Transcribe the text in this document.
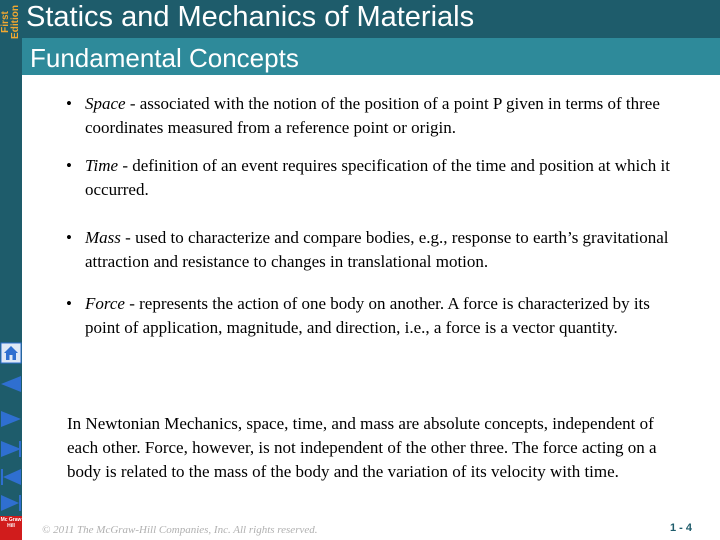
First Edition Statics and Mechanics of Materials
Fundamental Concepts
Mc Graw Hill
• Space - associated with the notion of the position of a point P given in terms of three coordinates measured from a reference point or origin.
• Time - definition of an event requires specification of the time and position at which it occurred.
• Mass - used to characterize and compare bodies, e.g., response to earth’s gravitational attraction and resistance to changes in translational motion.
• Force - represents the action of one body on another. A force is characterized by its point of application, magnitude, and direction, i.e., a force is a vector quantity.

In Newtonian Mechanics, space, time, and mass are absolute concepts, independent of each other. Force, however, is not independent of the other three. The force acting on a body is related to the mass of the body and the variation of its velocity with time.

© 2011 The McGraw-Hill Companies, Inc. All rights reserved.	1 - 4
